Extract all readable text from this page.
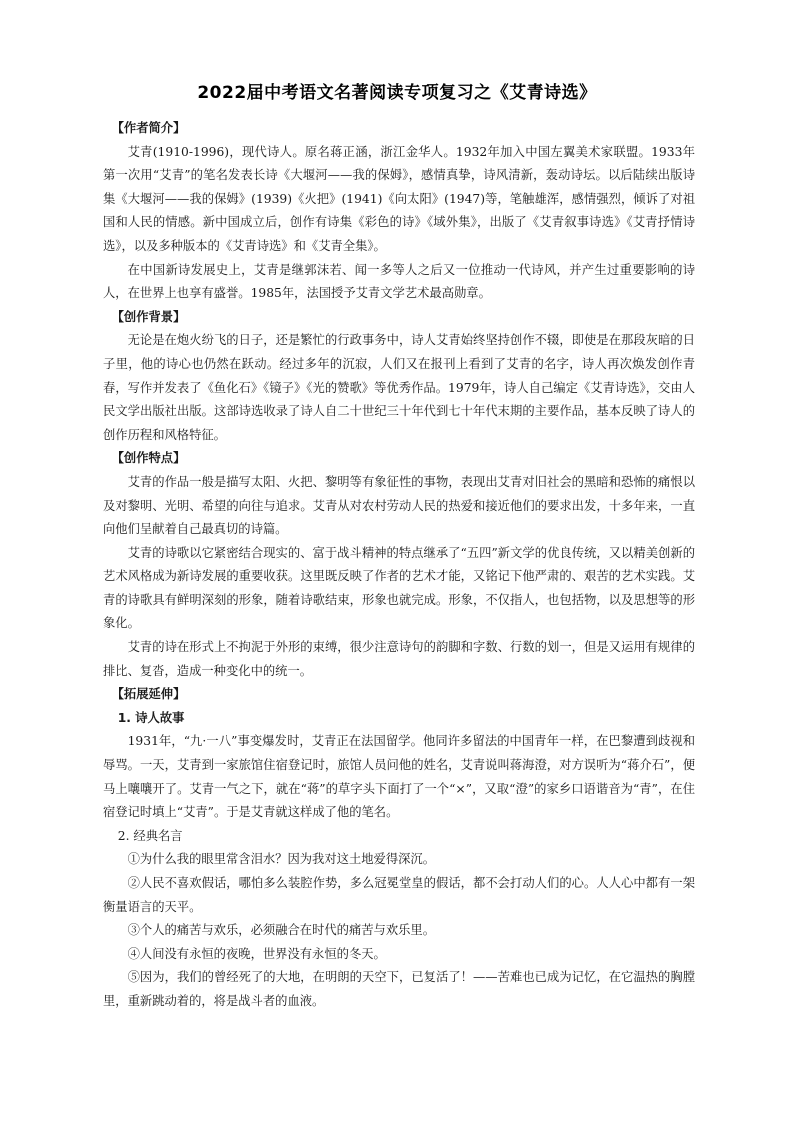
2022届中考语文名著阅读专项复习之《艾青诗选》

【作者简介】

艾青(1910-1996)，现代诗人。原名蒋正涵，浙江金华人。1932年加入中国左翼美术家联盟。1933年第一次用“艾青”的笔名发表长诗《大堰河——我的保姆》，感情真挚，诗风清新，轰动诗坛。以后陆续出版诗集《大堰河——我的保姆》(1939)《火把》(1941)《向太阳》(1947)等，笔触雄浑，感情强烈，倾诉了对祖国和人民的情感。新中国成立后，创作有诗集《彩色的诗》《域外集》，出版了《艾青叙事诗选》《艾青抒情诗选》，以及多种版本的《艾青诗选》和《艾青全集》。

在中国新诗发展史上，艾青是继郭沫若、闻一多等人之后又一位推动一代诗风，并产生过重要影响的诗人，在世界上也享有盛誉。1985年，法国授予艾青文学艺术最高勋章。

【创作背景】

无论是在炮火纷飞的日子，还是繁忙的行政事务中，诗人艾青始终坚持创作不辍，即使是在那段灰暗的日子里，他的诗心也仍然在跃动。经过多年的沉寂，人们又在报刊上看到了艾青的名字，诗人再次焕发创作青春，写作并发表了《鱼化石》《镜子》《光的赞歌》等优秀作品。1979年，诗人自己编定《艾青诗选》，交由人民文学出版社出版。这部诗选收录了诗人自二十世纪三十年代到七十年代末期的主要作品，基本反映了诗人的创作历程和风格特征。

【创作特点】

艾青的作品一般是描写太阳、火把、黎明等有象征性的事物，表现出艾青对旧社会的黑暗和恐怖的痛恨以及对黎明、光明、希望的向往与追求。艾青从对农村劳动人民的热爱和接近他们的要求出发，十多年来，一直向他们呈献着自己最真切的诗篇。

艾青的诗歌以它紧密结合现实的、富于战斗精神的特点继承了“五四”新文学的优良传统，又以精美创新的艺术风格成为新诗发展的重要收获。这里既反映了作者的艺术才能，又铭记下他严肃的、艰苦的艺术实践。艾青的诗歌具有鲜明深刻的形象，随着诗歌结束，形象也就完成。形象，不仅指人，也包括物，以及思想等的形象化。

艾青的诗在形式上不拘泥于外形的束缚，很少注意诗句的韵脚和字数、行数的划一，但是又运用有规律的排比、复沓，造成一种变化中的统一。

【拓展延伸】

1. 诗人故事

1931年，“九·一八”事变爆发时，艾青正在法国留学。他同许多留法的中国青年一样，在巴黎遭到歧视和辱骂。一天，艾青到一家旅馆住宿登记时，旅馆人员问他的姓名，艾青说叫蒋海澄，对方误听为“蒋介石”，便马上嚷嚷开了。艾青一气之下，就在“蒋”的草字头下面打了一个“×”，又取“澄”的家乡口语谐音为“青”，在住宿登记时填上“艾青”。于是艾青就这样成了他的笔名。

2. 经典名言

①为什么我的眼里常含泪水？因为我对这土地爱得深沉。

②人民不喜欢假话，哪怕多么装腔作势，多么冠冕堂皇的假话，都不会打动人们的心。人人心中都有一架衡量语言的天平。

③个人的痛苦与欢乐，必须融合在时代的痛苦与欢乐里。

④人间没有永恒的夜晚，世界没有永恒的冬天。

⑤因为，我们的曾经死了的大地，在明朗的天空下，已复活了！——苦难也已成为记忆，在它温热的胸膛里，重新跳动着的，将是战斗者的血液。
